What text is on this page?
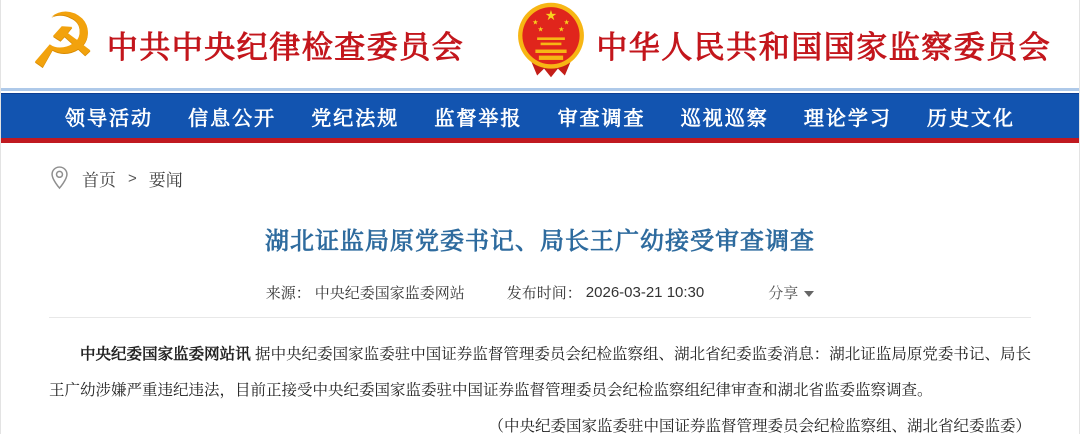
☭ 中共中央纪律检查委员会
★
★	★
★ ★
中华人民共和国国家监察委员会
领导活动 信息公开 党纪法规 监督举报 审查调查 巡视巡察 理论学习 历史文化
首页 > 要闻
湖北证监局原党委书记、局长王广幼接受审查调查
来源： 中央纪委国家监委网站	发布时间： 2026-03-21 10:30	分享

中央纪委国家监委网站讯 据中央纪委国家监委驻中国证券监督管理委员会纪检监察组、湖北省纪委监委消息：湖北证监局原党委书记、局长王广幼涉嫌严重违纪违法，目前正接受中央纪委国家监委驻中国证券监督管理委员会纪检监察组纪律审查和湖北省监委监察调查。

（中央纪委国家监委驻中国证券监督管理委员会纪检监察组、湖北省纪委监委）
